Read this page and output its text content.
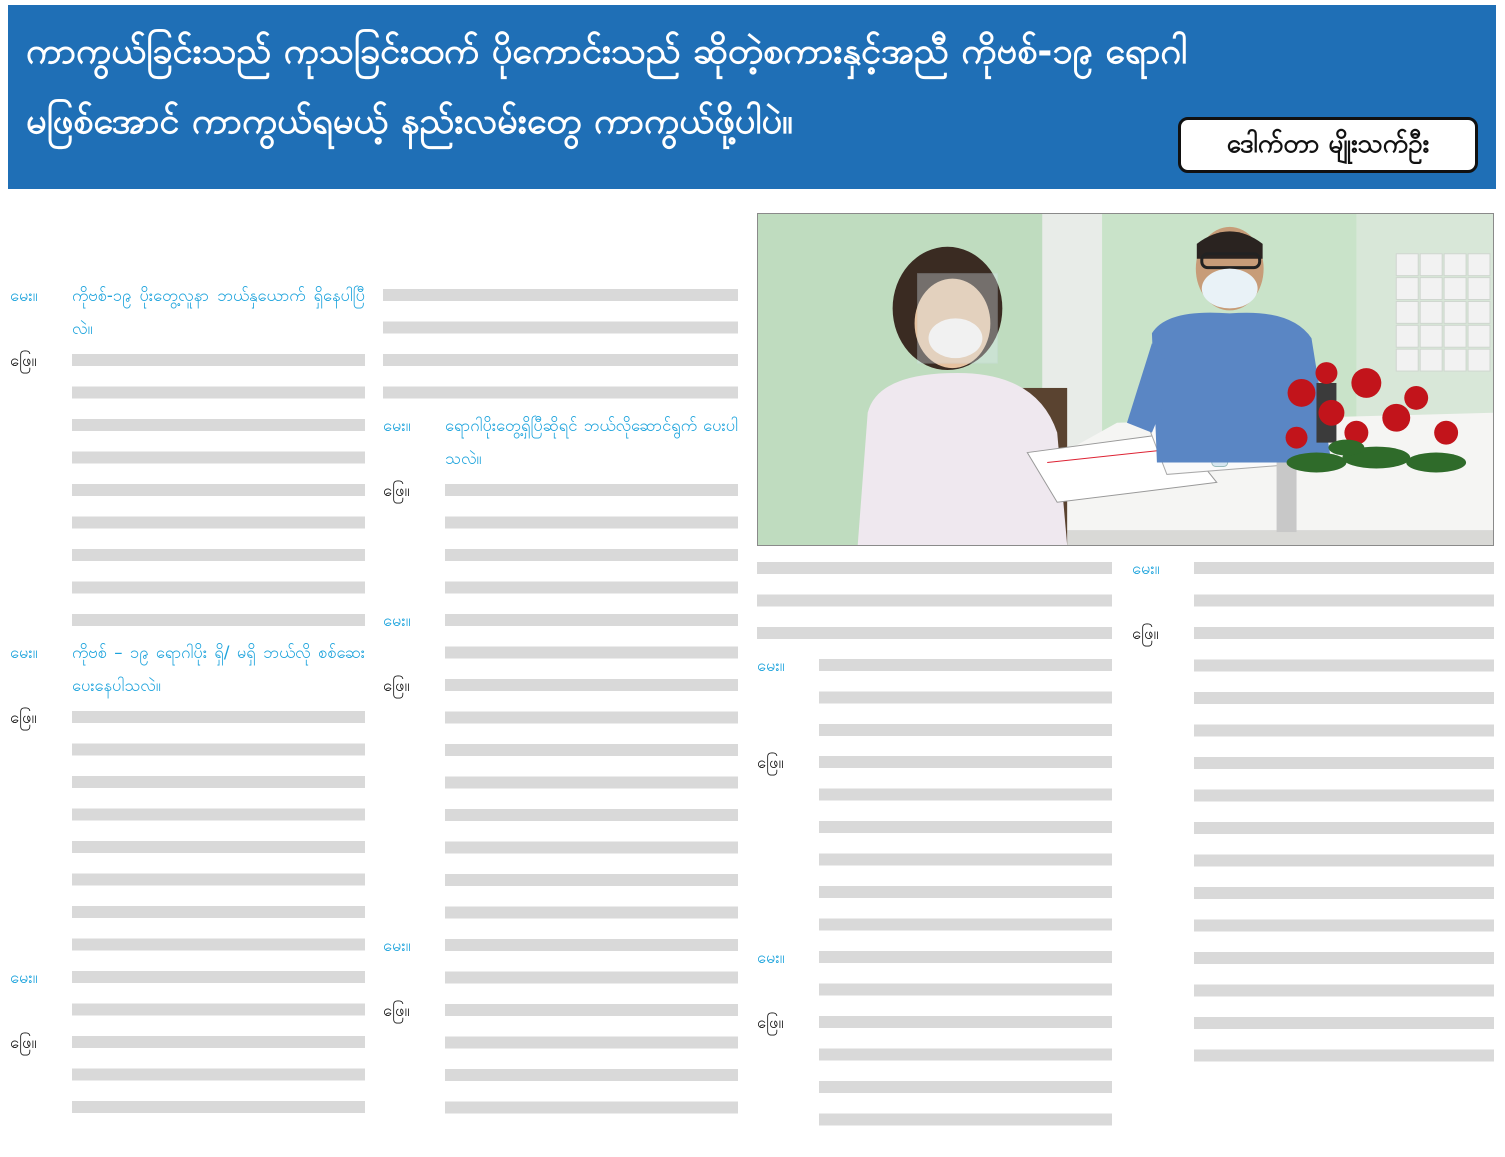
ကာကွယ်ခြင်းသည် ကုသခြင်းထက် ပိုကောင်းသည် ဆိုတဲ့စကားနှင့်အညီ ကိုဗစ်-၁၉ ရောဂါ
မဖြစ်အောင် ကာကွယ်ရမယ့် နည်းလမ်းတွေ ကာကွယ်ဖို့ပါပဲ။
ဒေါက်တာ မျိုးသက်ဦး
မေး။	ကိုဗစ်-၁၉ ပိုးတွေ့လူနာ ဘယ်နှယောက် ရှိနေပါပြီလဲ။
ဖြေ။
မေး။	ကိုဗစ် – ၁၉ ရောဂါပိုး ရှိ/ မရှိ ဘယ်လို စစ်ဆေးပေးနေပါသလဲ။
ဖြေ။
မေး။
ဖြေ။
မေး။	ရောဂါပိုးတွေ့ရှိပြီဆိုရင် ဘယ်လိုဆောင်ရွက် ပေးပါသလဲ။
ဖြေ။
မေး။
ဖြေ။
မေး။
ဖြေ။
မေး။
ဖြေ။
မေး။
ဖြေ။
မေး။
ဖြေ။
